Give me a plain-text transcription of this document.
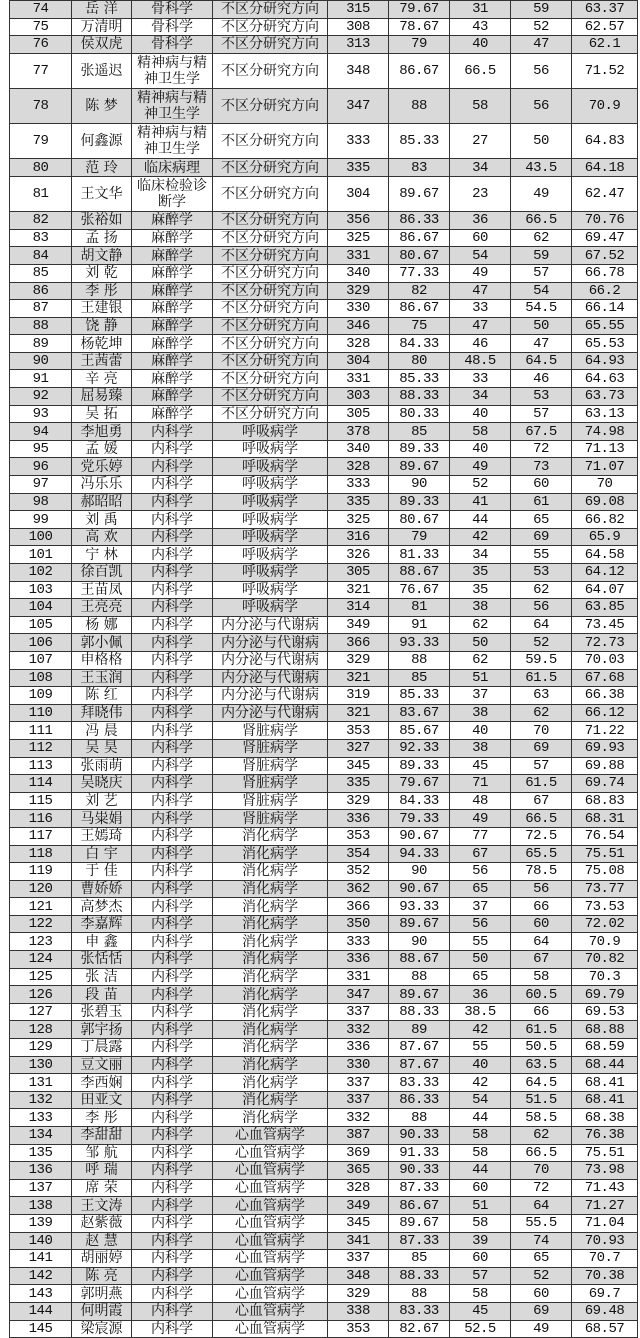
74	岳 洋	骨科学	不区分研究方向	315	79.67	31	59	63.37
75	万清明	骨科学	不区分研究方向	308	78.67	43	52	62.57
76	侯双虎	骨科学	不区分研究方向	313	79	40	47	62.1
77	张遥迟	精神病与精神卫生学	不区分研究方向	348	86.67	66.5	56	71.52
78	陈 梦	精神病与精神卫生学	不区分研究方向	347	88	58	56	70.9
79	何鑫源	精神病与精神卫生学	不区分研究方向	333	85.33	27	50	64.83
80	范 玲	临床病理	不区分研究方向	335	83	34	43.5	64.18
81	王文华	临床检验诊断学	不区分研究方向	304	89.67	23	49	62.47
82	张裕如	麻醉学	不区分研究方向	356	86.33	36	66.5	70.76
83	孟 扬	麻醉学	不区分研究方向	325	86.67	60	62	69.47
84	胡文静	麻醉学	不区分研究方向	331	80.67	54	59	67.52
85	刘 乾	麻醉学	不区分研究方向	340	77.33	49	57	66.78
86	李 彤	麻醉学	不区分研究方向	329	82	47	54	66.2
87	王建银	麻醉学	不区分研究方向	330	86.67	33	54.5	66.14
88	饶 静	麻醉学	不区分研究方向	346	75	47	50	65.55
89	杨乾坤	麻醉学	不区分研究方向	328	84.33	46	47	65.53
90	王茜蕾	麻醉学	不区分研究方向	304	80	48.5	64.5	64.93
91	辛 亮	麻醉学	不区分研究方向	331	85.33	33	46	64.63
92	屈易臻	麻醉学	不区分研究方向	303	88.33	34	53	63.73
93	吴 拓	麻醉学	不区分研究方向	305	80.33	40	57	63.13
94	李旭勇	内科学	呼吸病学	378	85	58	67.5	74.98
95	孟 媛	内科学	呼吸病学	340	89.33	40	72	71.13
96	党乐婷	内科学	呼吸病学	328	89.67	49	73	71.07
97	冯乐乐	内科学	呼吸病学	333	90	52	60	70
98	郝昭昭	内科学	呼吸病学	335	89.33	41	61	69.08
99	刘 禹	内科学	呼吸病学	325	80.67	44	65	66.82
100	高 欢	内科学	呼吸病学	316	79	42	69	65.9
101	宁 林	内科学	呼吸病学	326	81.33	34	55	64.58
102	徐百凯	内科学	呼吸病学	305	88.67	35	53	64.12
103	王苗凤	内科学	呼吸病学	321	76.67	35	62	64.07
104	王亮亮	内科学	呼吸病学	314	81	38	56	63.85
105	杨 娜	内科学	内分泌与代谢病	349	91	62	64	73.45
106	郭小佩	内科学	内分泌与代谢病	366	93.33	50	52	72.73
107	申格格	内科学	内分泌与代谢病	329	88	62	59.5	70.03
108	王玉润	内科学	内分泌与代谢病	321	85	51	61.5	67.68
109	陈 红	内科学	内分泌与代谢病	319	85.33	37	63	66.38
110	拜晓伟	内科学	内分泌与代谢病	321	83.67	38	62	66.12
111	冯 晨	内科学	肾脏病学	353	85.67	40	70	71.22
112	吴 昊	内科学	肾脏病学	327	92.33	38	69	69.93
113	张雨萌	内科学	肾脏病学	345	89.33	45	57	69.88
114	吴晓庆	内科学	肾脏病学	335	79.67	71	61.5	69.74
115	刘 艺	内科学	肾脏病学	329	84.33	48	67	68.83
116	马粜娟	内科学	肾脏病学	336	79.33	49	66.5	68.31
117	王嫣琦	内科学	消化病学	353	90.67	77	72.5	76.54
118	白 宇	内科学	消化病学	354	94.33	67	65.5	75.51
119	于 佳	内科学	消化病学	352	90	56	78.5	75.08
120	曹娇娇	内科学	消化病学	362	90.67	65	56	73.77
121	高梦杰	内科学	消化病学	366	93.33	37	66	73.53
122	李嘉辉	内科学	消化病学	350	89.67	56	60	72.02
123	申 鑫	内科学	消化病学	333	90	55	64	70.9
124	张恬恬	内科学	消化病学	336	88.67	50	67	70.82
125	张 洁	内科学	消化病学	331	88	65	58	70.3
126	段 苗	内科学	消化病学	347	89.67	36	60.5	69.79
127	张碧玉	内科学	消化病学	337	88.33	38.5	66	69.53
128	郭宇扬	内科学	消化病学	332	89	42	61.5	68.88
129	丁晨露	内科学	消化病学	336	87.67	55	50.5	68.59
130	豆文丽	内科学	消化病学	330	87.67	40	63.5	68.44
131	李西娴	内科学	消化病学	337	83.33	42	64.5	68.41
132	田亚文	内科学	消化病学	337	86.33	54	51.5	68.41
133	李 彤	内科学	消化病学	332	88	44	58.5	68.38
134	李甜甜	内科学	心血管病学	387	90.33	58	62	76.38
135	邹 航	内科学	心血管病学	369	91.33	58	66.5	75.51
136	呼 瑞	内科学	心血管病学	365	90.33	44	70	73.98
137	席 荣	内科学	心血管病学	328	87.33	60	72	71.43
138	王文涛	内科学	心血管病学	349	86.67	51	64	71.27
139	赵紫薇	内科学	心血管病学	345	89.67	58	55.5	71.04
140	赵 慧	内科学	心血管病学	341	87.33	39	74	70.93
141	胡丽婷	内科学	心血管病学	337	85	60	65	70.7
142	陈 亮	内科学	心血管病学	348	88.33	57	52	70.38
143	郭明燕	内科学	心血管病学	329	88	58	60	69.7
144	何明霞	内科学	心血管病学	338	83.33	45	69	69.48
145	梁宸源	内科学	心血管病学	353	82.67	52.5	49	68.57
